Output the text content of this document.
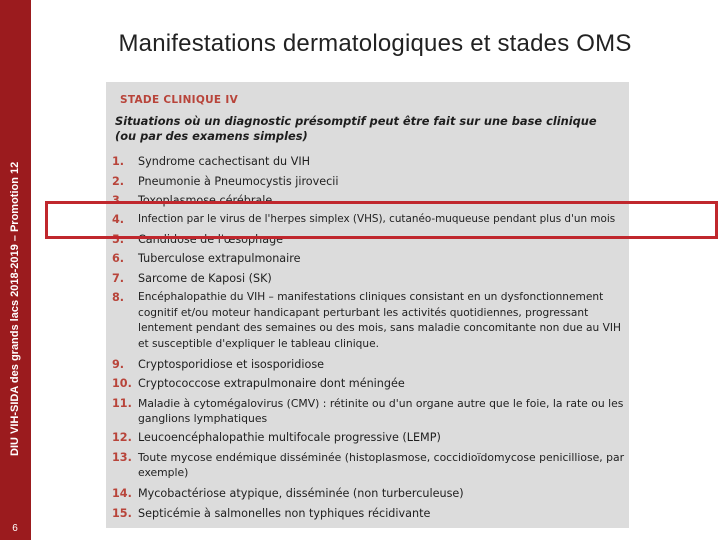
DIU VIH-SIDA des grands lacs 2018-2019 – Promotion 12
6
Manifestations dermatologiques et stades OMS
STADE CLINIQUE IV
Situations où un diagnostic présomptif peut être fait sur une base clinique (ou par des examens simples)
1.	Syndrome cachectisant du VIH
2.	Pneumonie à Pneumocystis jirovecii
3.	Toxoplasmose cérébrale
4.	Infection par le virus de l'herpes simplex (VHS), cutanéo-muqueuse pendant plus d'un mois
5.	Candidose de l'œsophage
6.	Tuberculose extrapulmonaire
7.	Sarcome de Kaposi (SK)
8.	Encéphalopathie du VIH – manifestations cliniques consistant en un dysfonctionnement cognitif et/ou moteur handicapant perturbant les activités quotidiennes, progressant lentement pendant des semaines ou des mois, sans maladie concomitante non due au VIH et susceptible d'expliquer le tableau clinique.
9.	Cryptosporidiose et isosporidiose
10. Cryptococcose extrapulmonaire dont méningée
11. Maladie à cytomégalovirus (CMV) : rétinite ou d'un organe autre que le foie, la rate ou les ganglions lymphatiques
12. Leucoencéphalopathie multifocale progressive (LEMP)
13. Toute mycose endémique disséminée (histoplasmose, coccidioïdomycose penicilliose, par exemple)
14. Mycobactériose atypique, disséminée (non turberculeuse)
15. Septicémie à salmonelles non typhiques récidivante
